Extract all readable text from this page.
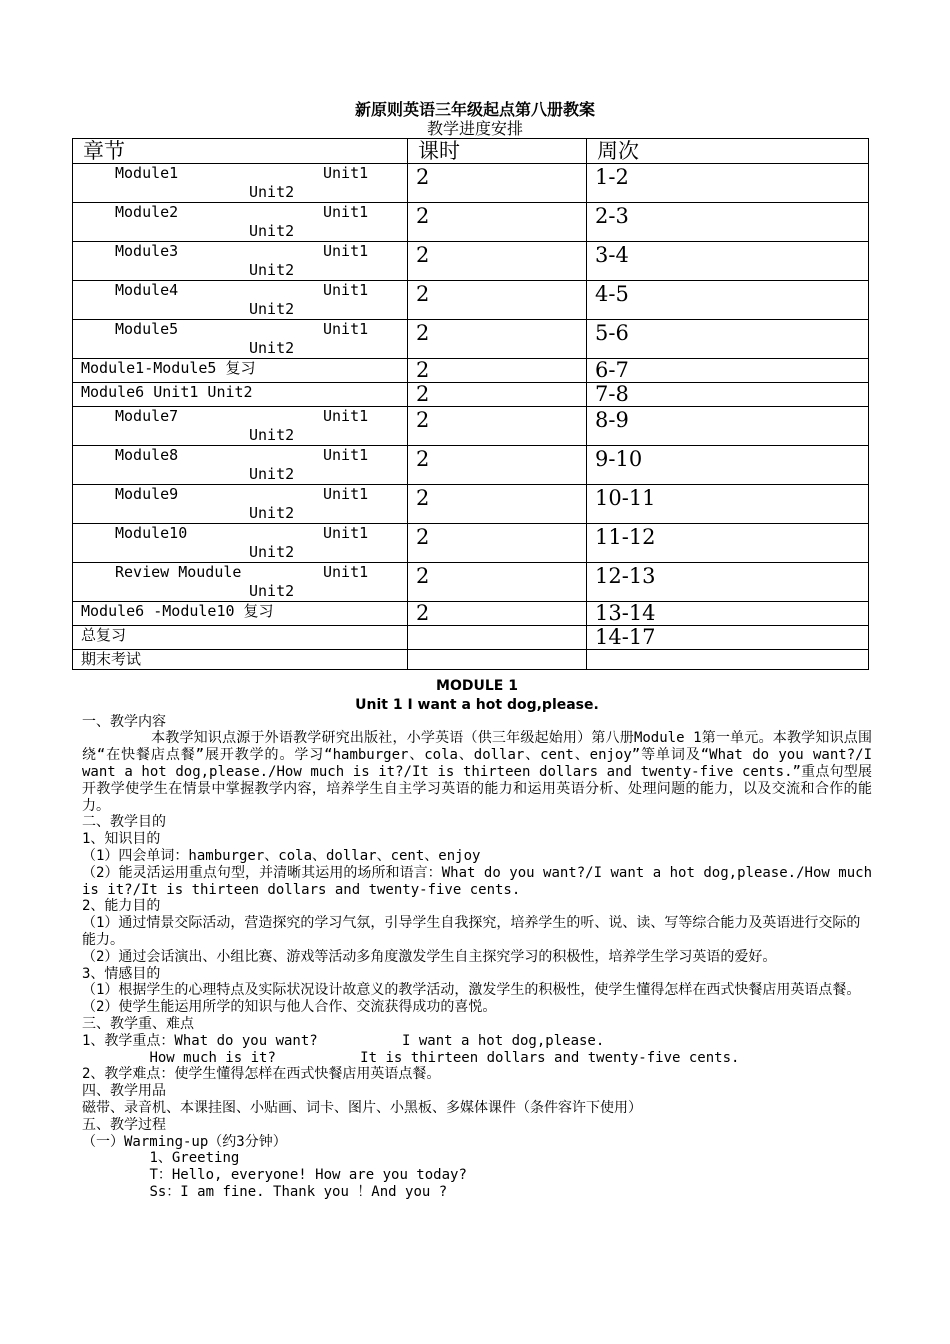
新原则英语三年级起点第八册教案
教学进度安排
章节	课时	周次

Module1 Unit1
Unit2	2	1-2

Module2 Unit1
Unit2	2	2-3

Module3 Unit1
Unit2	2	3-4

Module4 Unit1
Unit2	2	4-5

Module5 Unit1
Unit2	2	5-6

Module1-Module5 复习	2	6-7

Module6 Unit1 Unit2	2	7-8

Module7 Unit1
Unit2	2	8-9

Module8 Unit1
Unit2	2	9-10

Module9 Unit1
Unit2	2	10-11

Module10 Unit1
Unit2	2	11-12

Review Moudule Unit1
Unit2	2	12-13

Module6 -Module10 复习	2	13-14

总复习		14-17

期末考试		

MODULE 1
Unit 1 I want a hot dog,please.
一、教学内容
本教学知识点源于外语教学研究出版社，小学英语（供三年级起始用）第八册Module 1第一单元。本教学知识点围绕“在快餐店点餐”展开教学的。学习“hamburger、cola、dollar、cent、enjoy”等单词及“What do you want?/I want a hot dog,please./How much is it?/It is thirteen dollars and twenty-five cents.”重点句型展开教学使学生在情景中掌握教学内容，培养学生自主学习英语的能力和运用英语分析、处理问题的能力，以及交流和合作的能力。
二、教学目的
1、知识目的
（1）四会单词：hamburger、cola、dollar、cent、enjoy
（2）能灵活运用重点句型，并清晰其运用的场所和语言：What do you want?/I want a hot dog,please./How much is it?/It is thirteen dollars and twenty-five cents.
2、能力目的
（1）通过情景交际活动，营造探究的学习气氛，引导学生自我探究，培养学生的听、说、读、写等综合能力及英语进行交际的能力。
（2）通过会话演出、小组比赛、游戏等活动多角度激发学生自主探究学习的积极性，培养学生学习英语的爱好。
3、情感目的
（1）根据学生的心理特点及实际状况设计故意义的教学活动，激发学生的积极性，使学生懂得怎样在西式快餐店用英语点餐。
（2）使学生能运用所学的知识与他人合作、交流获得成功的喜悦。
三、教学重、难点
1、教学重点：What do you want?          I want a hot dog,please.
How much is it?          It is thirteen dollars and twenty-five cents.
2、教学难点：使学生懂得怎样在西式快餐店用英语点餐。
四、教学用品
磁带、录音机、本课挂图、小贴画、词卡、图片、小黑板、多媒体课件（条件容许下使用）
五、教学过程
（一）Warming-up（约3分钟）
1、Greeting
T：Hello, everyone! How are you today?
Ss：I am fine. Thank you ！And you ?
